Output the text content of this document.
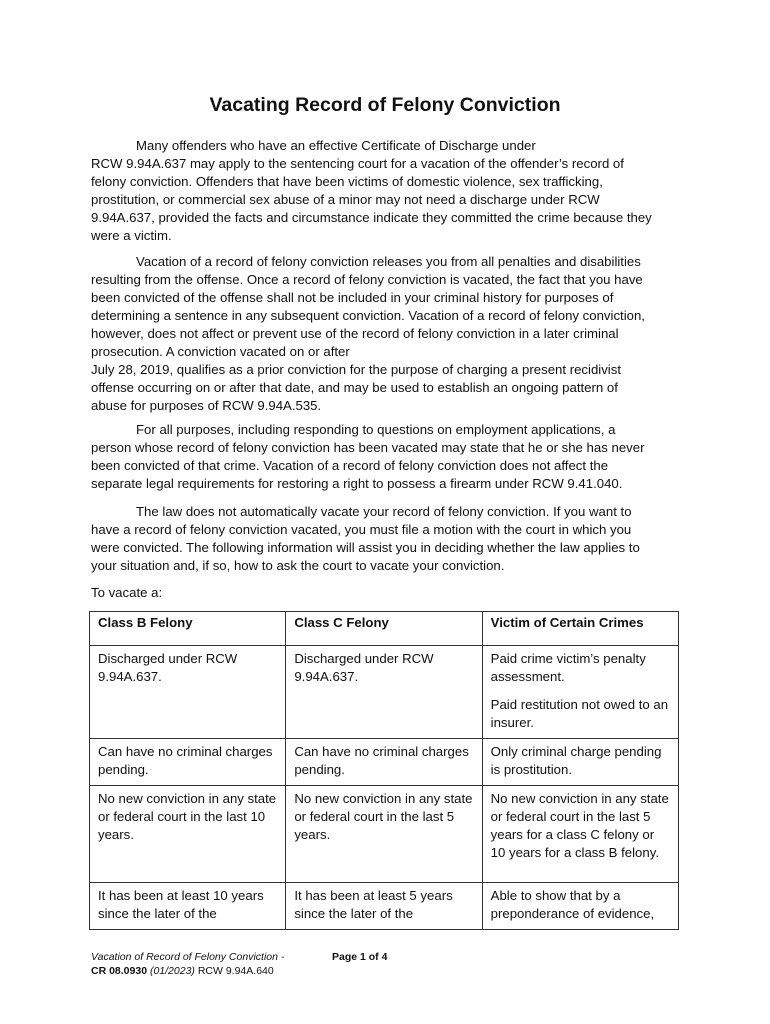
Vacating Record of Felony Conviction

Many offenders who have an effective Certificate of Discharge under
RCW 9.94A.637 may apply to the sentencing court for a vacation of the offender’s record of
felony conviction. Offenders that have been victims of domestic violence, sex trafficking,
prostitution, or commercial sex abuse of a minor may not need a discharge under RCW
9.94A.637, provided the facts and circumstance indicate they committed the crime because they
were a victim.

Vacation of a record of felony conviction releases you from all penalties and disabilities
resulting from the offense. Once a record of felony conviction is vacated, the fact that you have
been convicted of the offense shall not be included in your criminal history for purposes of
determining a sentence in any subsequent conviction. Vacation of a record of felony conviction,
however, does not affect or prevent use of the record of felony conviction in a later criminal
prosecution. A conviction vacated on or after
July 28, 2019, qualifies as a prior conviction for the purpose of charging a present recidivist
offense occurring on or after that date, and may be used to establish an ongoing pattern of
abuse for purposes of RCW 9.94A.535.

For all purposes, including responding to questions on employment applications, a
person whose record of felony conviction has been vacated may state that he or she has never
been convicted of that crime. Vacation of a record of felony conviction does not affect the
separate legal requirements for restoring a right to possess a firearm under RCW 9.41.040.

The law does not automatically vacate your record of felony conviction. If you want to
have a record of felony conviction vacated, you must file a motion with the court in which you
were convicted. The following information will assist you in deciding whether the law applies to
your situation and, if so, how to ask the court to vacate your conviction.

To vacate a:

Class B Felony	Class C Felony	Victim of Certain Crimes

Discharged under RCW 9.94A.637.	Discharged under RCW 9.94A.637.	Paid crime victim’s penalty assessment.

Paid restitution not owed to an insurer.

Can have no criminal charges pending.	Can have no criminal charges pending.	Only criminal charge pending is prostitution.

No new conviction in any state or federal court in the last 10 years.	No new conviction in any state or federal court in the last 5 years.	No new conviction in any state or federal court in the last 5 years for a class C felony or 10 years for a class B felony.

It has been at least 10 years since the later of the	It has been at least 5 years since the later of the	Able to show that by a preponderance of evidence,

Vacation of Record of Felony Conviction -
CR 08.0930 (01/2023) RCW 9.94A.640
Page 1 of 4
